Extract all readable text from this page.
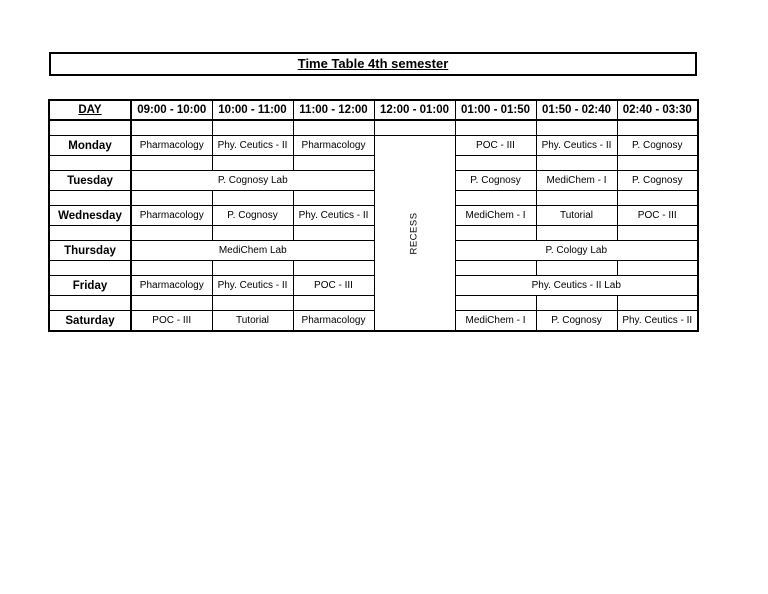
Time Table 4th semester
DAY	09:00 - 10:00	10:00 - 11:00	11:00 - 12:00	12:00 - 01:00	01:00 - 01:50	01:50 - 02:40	02:40 - 03:30

Monday	Pharmacology	Phy. Ceutics - II	Pharmacology	RECESS	POC - III	Phy. Ceutics - II	P. Cognosy

Tuesday	P. Cognosy Lab				P. Cognosy	MediChem - I	P. Cognosy

Wednesday	Pharmacology	P. Cognosy	Phy. Ceutics - II		MediChem - I	Tutorial	POC - III

Thursday	MediChem Lab				P. Cology Lab		

Friday	Pharmacology	Phy. Ceutics - II	POC - III		Phy. Ceutics - II Lab		

Saturday	POC - III	Tutorial	Pharmacology		MediChem - I	P. Cognosy	Phy. Ceutics - II
